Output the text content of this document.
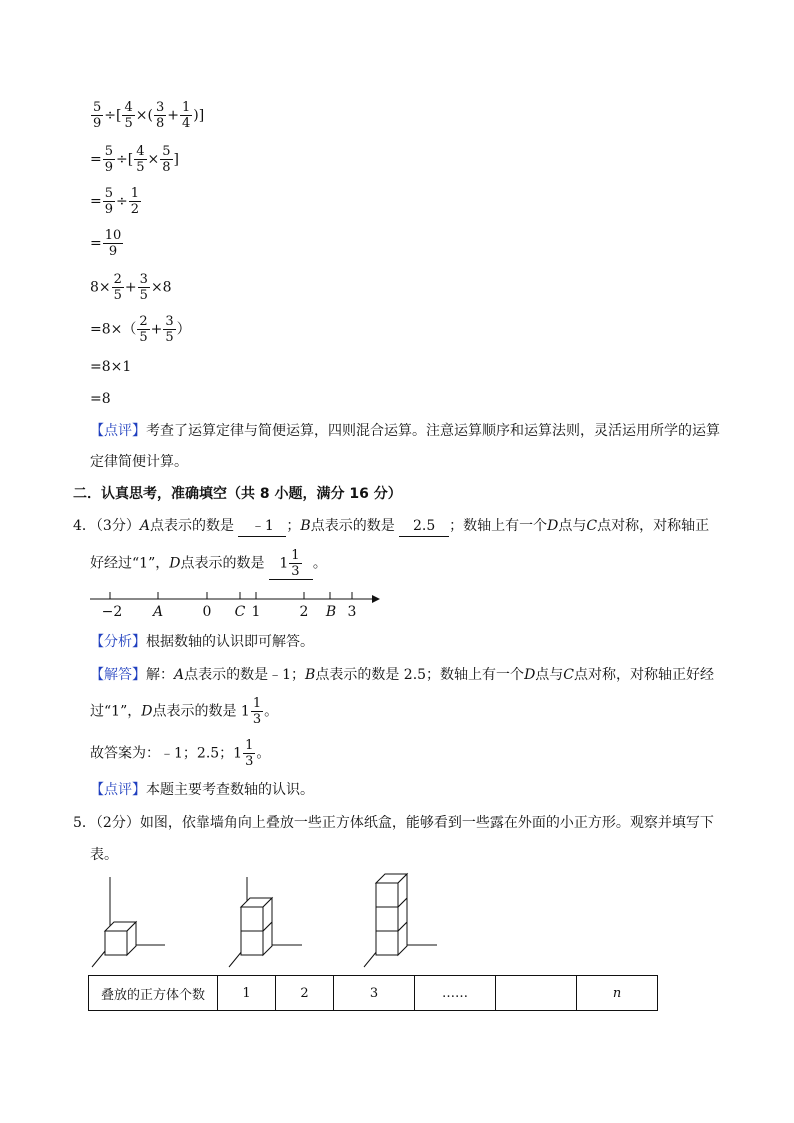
$\frac{5}{9}$ ÷[ $\frac{4}{5}$ ×( $\frac{3}{8} + \frac{1}{4}$ )]
= $\frac{5}{9}$ ÷[ $\frac{4}{5} \times \frac{5}{8}$ ]
= $\frac{5}{9} \div \frac{1}{2}$
= $\frac{10}{9}$
$8\times \frac{2}{5} + \frac{3}{5} \times 8$
$=8\times( \frac{2}{5} + \frac{3}{5}$ ）
=8×1
=8
【点评】考查了运算定律与简便运算，四则混合运算。注意运算顺序和运算法则，灵活运用所学的运算
定律简便计算。
二．认真思考，准确填空（共 8 小题，满分 16 分）
4．（3分）A点表示的数是 ﹣1 ；B点表示的数是 2.5 ；数轴上有一个D点与C点对称，对称轴正
好经过“1”，D点表示的数是 $1 \frac{1}{3}$ 。
−2 A	0 C 1	2 B 3
【分析】根据数轴的认识即可解答。
【解答】解：A点表示的数是﹣1；B点表示的数是 2.5；数轴上有一个D点与C点对称，对称轴正好经
过“1”，D点表示的数是 $1 \frac{1}{3}$ 。
故答案为：﹣1；2.5；$1 \frac{1}{3}$ 。
【点评】本题主要考查数轴的认识。
5．（2分）如图，依靠墙角向上叠放一些正方体纸盒，能够看到一些露在外面的小正方形。观察并填写下
表。
叠放的正方体个数	1	2	3	……		n
